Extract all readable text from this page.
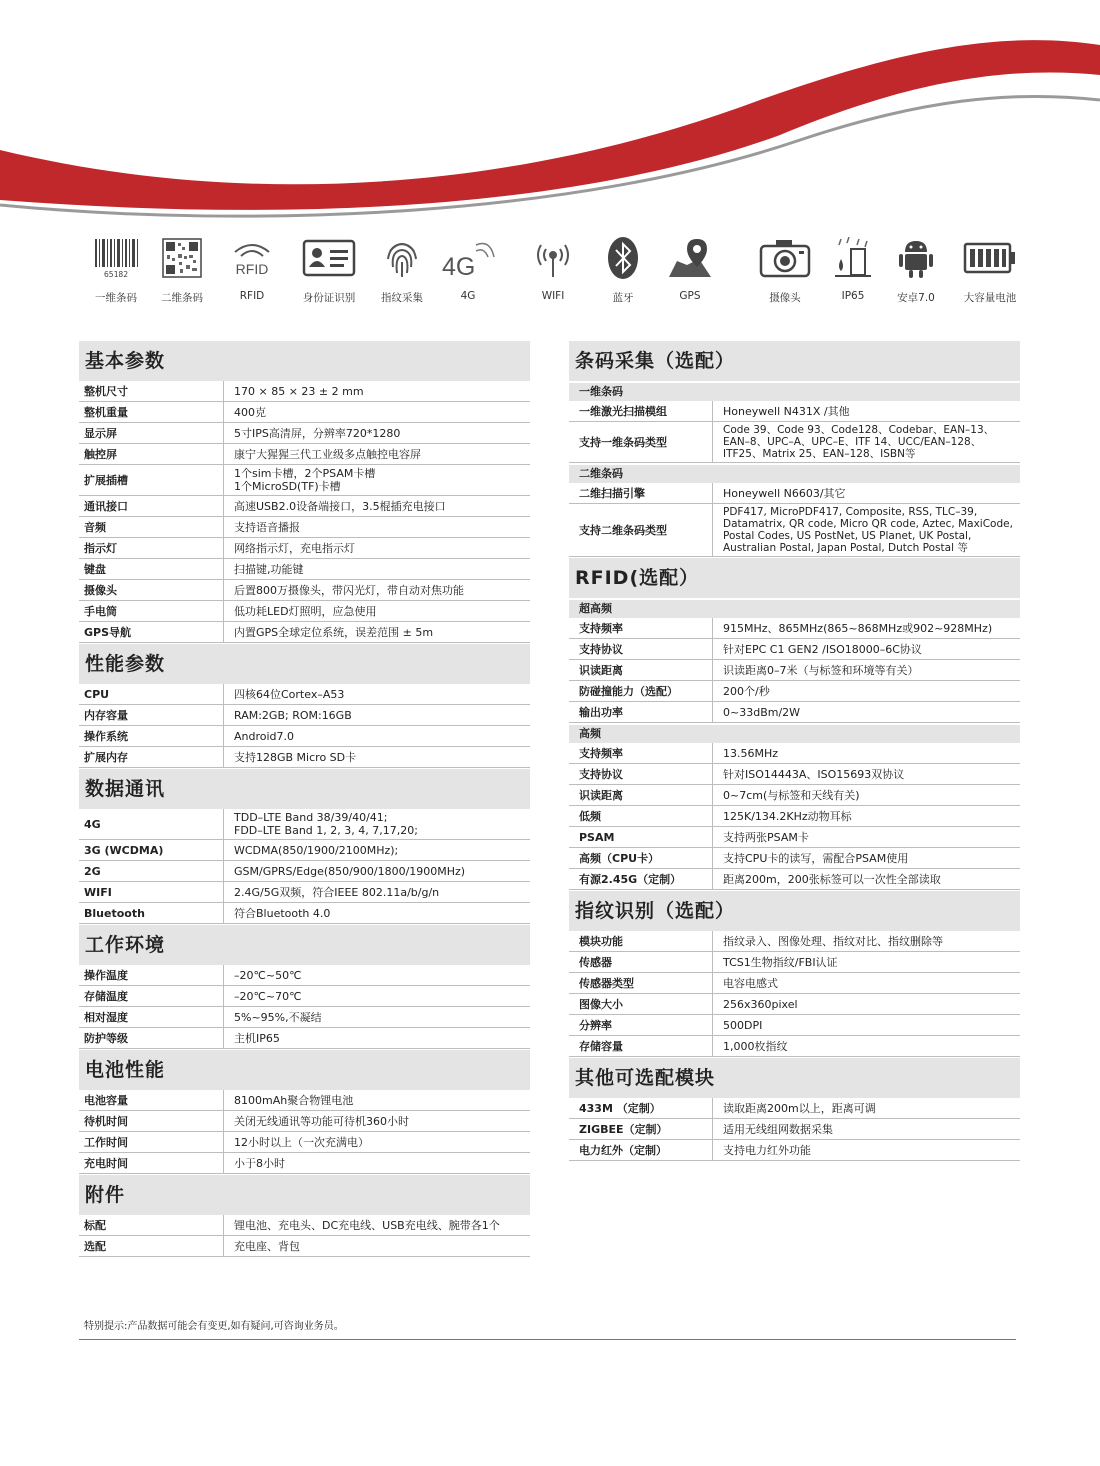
65182
一维条码	二维条码
RFID
RFID	身份证识别	指纹采集
4G
4G	WIFI	蓝牙	GPS	摄像头	IP65	安卓7.0	大容量电池
基本参数
整机尺寸	170 × 85 × 23 ± 2 mm
整机重量	400克
显示屏	5寸IPS高清屏，分辨率720*1280
触控屏	康宁大猩猩三代工业级多点触控电容屏
扩展插槽
1个sim卡槽，2个PSAM卡槽
1个MicroSD(TF)卡槽
通讯接口	高速USB2.0设备端接口，3.5棍插充电接口
音频	支持语音播报
指示灯	网络指示灯，充电指示灯
键盘	扫描键,功能键
摄像头	后置800万摄像头，带闪光灯，带自动对焦功能
手电筒	低功耗LED灯照明，应急使用
GPS导航	内置GPS全球定位系统，误差范围 ± 5m
性能参数
CPU	四核64位Cortex–A53
内存容量	RAM:2GB; ROM:16GB
操作系统	Android7.0
扩展内存	支持128GB Micro SD卡
数据通讯
4G	TDD–LTE Band 38/39/40/41;
FDD–LTE Band 1, 2, 3, 4, 7,17,20;
3G (WCDMA)	WCDMA(850/1900/2100MHz);
2G	GSM/GPRS/Edge(850/900/1800/1900MHz)
WIFI	2.4G/5G双频，符合IEEE 802.11a/b/g/n
Bluetooth	符合Bluetooth 4.0
工作环境
操作温度	–20℃~50℃
存储温度	–20℃~70℃
相对湿度	5%~95%,不凝结
防护等级	主机IP65
电池性能
电池容量	8100mAh聚合物锂电池
待机时间	关闭无线通讯等功能可待机360小时
工作时间	12小时以上（一次充满电）
充电时间	小于8小时
附件
标配	锂电池、充电头、DC充电线、USB充电线、腕带各1个
选配	充电座、背包
条码采集（选配）
一维条码
一维激光扫描模组	Honeywell N431X /其他
支持一维条码类型
Code 39、Code 93、Code128、Codebar、EAN–13、
EAN–8、UPC–A、UPC–E、ITF 14、UCC/EAN–128、
ITF25、Matrix 25、EAN–128、ISBN等
二维条码
二维扫描引擎	Honeywell N6603/其它
支持二维条码类型
PDF417, MicroPDF417, Composite, RSS, TLC–39,
Datamatrix, QR code, Micro QR code, Aztec, MaxiCode,
Postal Codes, US PostNet, US Planet, UK Postal,
Australian Postal, Japan Postal, Dutch Postal 等
RFID(选配）
超高频
支持频率	915MHz、865MHz(865~868MHz或902~928MHz)
支持协议	针对EPC C1 GEN2 /ISO18000–6C协议
识读距离	识读距离0–7米（与标签和环境等有关）
防碰撞能力（选配）	200个/秒
输出功率	0~33dBm/2W
高频
支持频率	13.56MHz
支持协议	针对ISO14443A、ISO15693双协议
识读距离	0~7cm(与标签和天线有关)
低频	125K/134.2KHz动物耳标
PSAM	支持两张PSAM卡
高频（CPU卡）	支持CPU卡的读写，需配合PSAM使用
有源2.45G（定制）	距离200m，200张标签可以一次性全部读取
指纹识别（选配）
模块功能	指纹录入、图像处理、指纹对比、指纹删除等
传感器	TCS1生物指纹/FBI认证
传感器类型	电容电感式
图像大小	256x360pixel
分辨率	500DPI
存储容量	1,000枚指纹
其他可选配模块
433M （定制）	读取距离200m以上，距离可调
ZIGBEE（定制）	适用无线组网数据采集
电力红外（定制）	支持电力红外功能
特别提示:产品数据可能会有变更,如有疑问,可咨询业务员。
